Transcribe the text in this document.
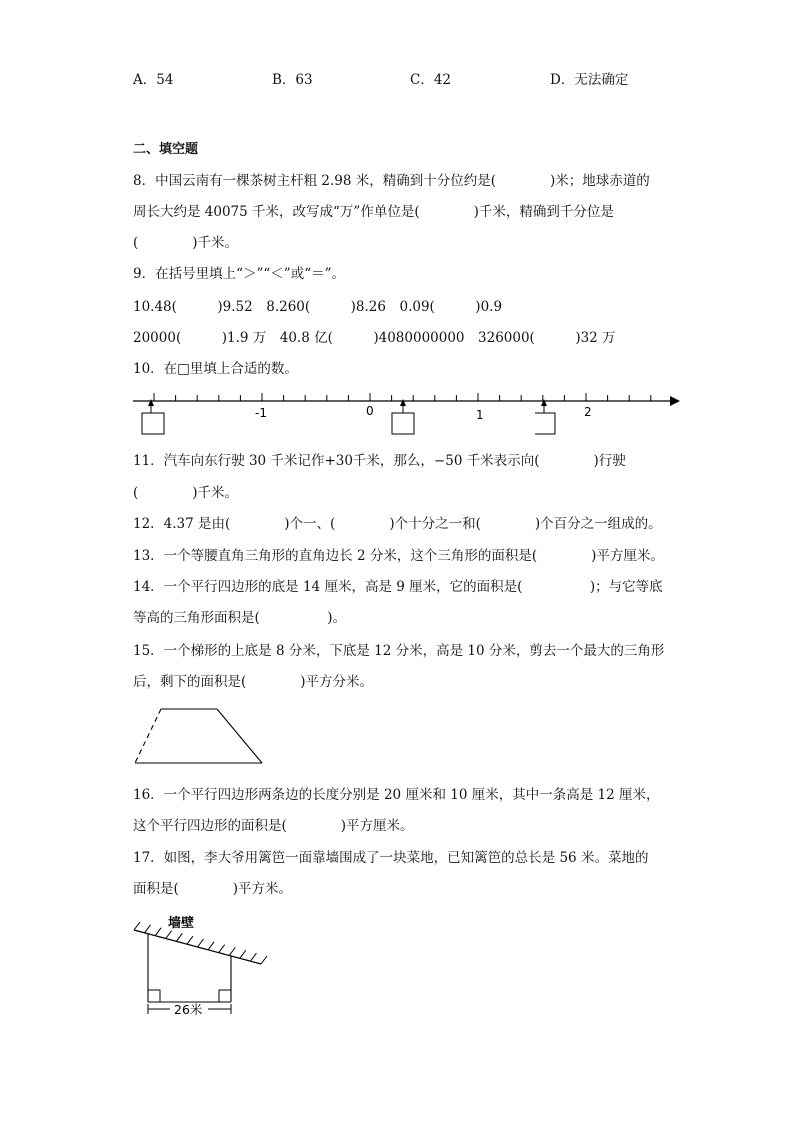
A．54	B．63	C．42	D．无法确定
二、填空题
8．中国云南有一棵茶树主杆粗 2.98 米，精确到十分位约是(　　　　)米；地球赤道的
周长大约是 40075 千米，改写成“万”作单位是(　　　　)千米，精确到千分位是
(　　　　)千米。
9．在括号里填上“＞”“＜”或“＝”。
10.48(　　　)9.52　8.260(　　　)8.26　0.09(　　　)0.9
20000(　　　)1.9 万　40.8 亿(　　　)4080000000　326000(　　　)32 万
10．在□里填上合适的数。
-1	0	1	2
11．汽车向东行驶 30 千米记作+30千米，那么，−50 千米表示向(　　　　)行驶
(　　　　)千米。
12．4.37 是由(　　　　)个一、(　　　　)个十分之一和(　　　　)个百分之一组成的。
13．一个等腰直角三角形的直角边长 2 分米，这个三角形的面积是(　　　　)平方厘米。
14．一个平行四边形的底是 14 厘米，高是 9 厘米，它的面积是(　　　　　)；与它等底
等高的三角形面积是(　　　　　)。
15．一个梯形的上底是 8 分米，下底是 12 分米，高是 10 分米，剪去一个最大的三角形
后，剩下的面积是(　　　　)平方分米。
16．一个平行四边形两条边的长度分别是 20 厘米和 10 厘米，其中一条高是 12 厘米，
这个平行四边形的面积是(　　　　)平方厘米。
17．如图，李大爷用篱笆一面靠墙围成了一块菜地，已知篱笆的总长是 56 米。菜地的
面积是(　　　　)平方米。
墙壁
26米
